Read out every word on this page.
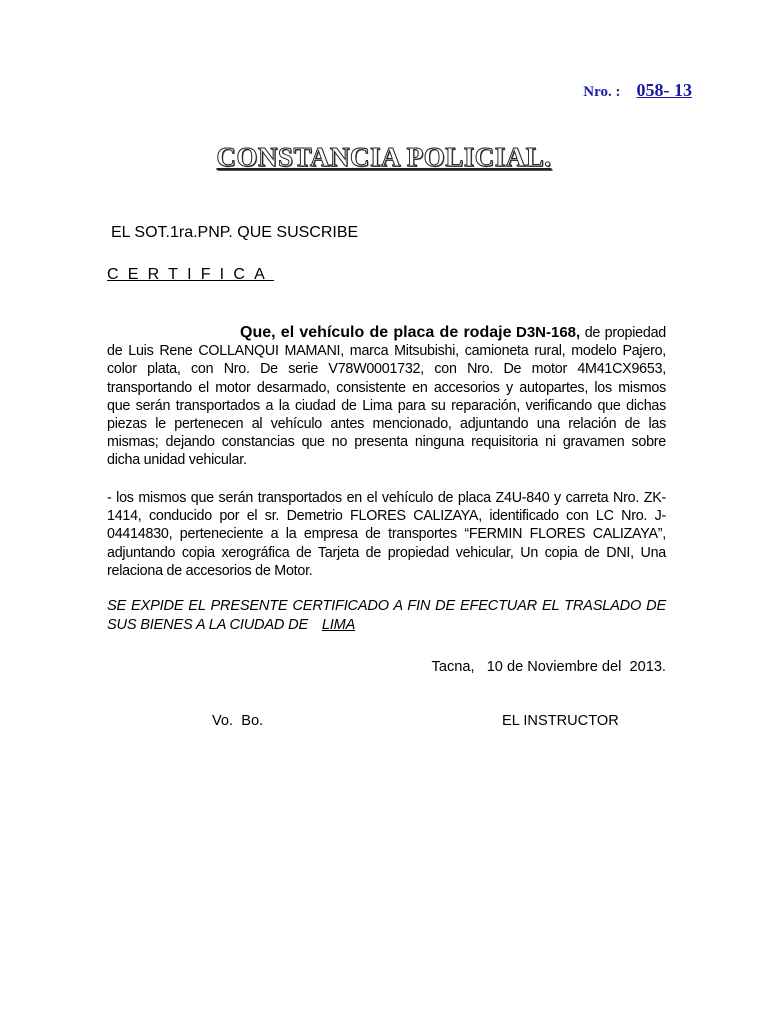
Nro. : 058- 13
CONSTANCIA POLICIAL.
EL SOT.1ra.PNP. QUE SUSCRIBE
CERTIFICA
Que, el vehículo de placa de rodaje D3N-168, de propiedad de Luis Rene COLLANQUI MAMANI, marca Mitsubishi, camioneta rural, modelo Pajero, color plata, con Nro. De serie V78W0001732, con Nro. De motor 4M41CX9653, transportando el motor desarmado, consistente en accesorios y autopartes, los mismos que serán transportados a la ciudad de Lima para su reparación, verificando que dichas piezas le pertenecen al vehículo antes mencionado, adjuntando una relación de las mismas; dejando constancias que no presenta ninguna requisitoria ni gravamen sobre dicha unidad vehicular.
- los mismos que serán transportados en el vehículo de placa Z4U-840 y carreta Nro. ZK-1414, conducido por el sr. Demetrio FLORES CALIZAYA, identificado con LC Nro. J-04414830, perteneciente a la empresa de transportes “FERMIN FLORES CALIZAYA”, adjuntando copia xerográfica de Tarjeta de propiedad vehicular, Un copia de DNI, Una relaciona de accesorios de Motor.
SE EXPIDE EL PRESENTE CERTIFICADO A FIN DE EFECTUAR EL TRASLADO DE SUS BIENES A LA CIUDAD DE LIMA
Tacna,   10 de Noviembre del  2013.
Vo.  Bo.	EL INSTRUCTOR
